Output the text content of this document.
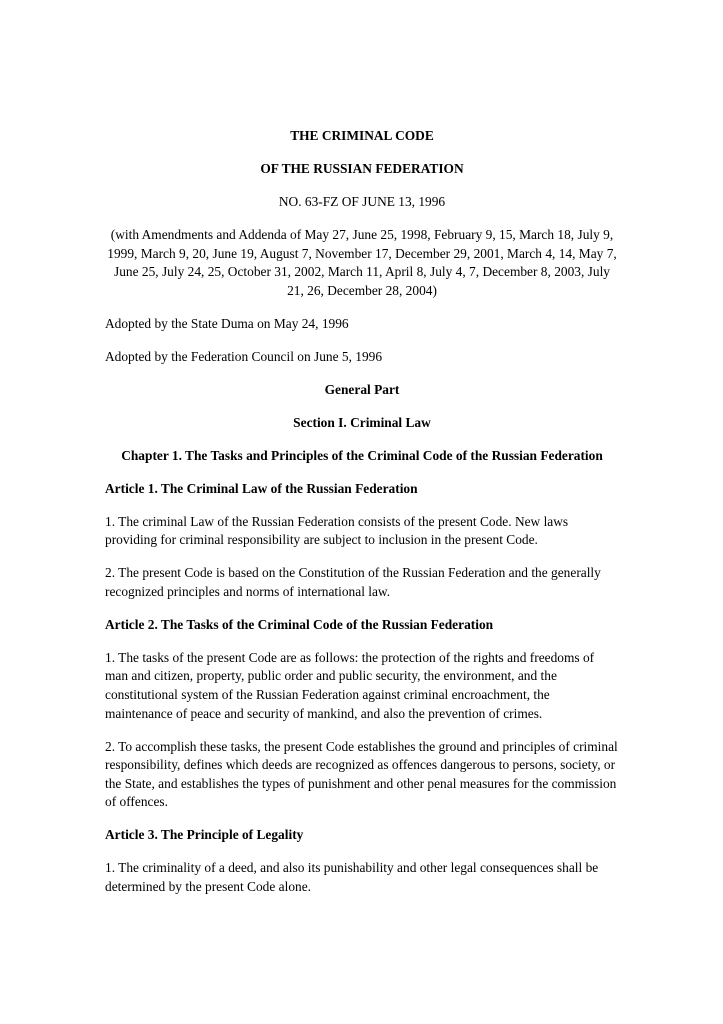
THE CRIMINAL CODE

OF THE RUSSIAN FEDERATION

NO. 63-FZ OF JUNE 13, 1996

(with Amendments and Addenda of May 27, June 25, 1998, February 9, 15, March 18, July 9, 1999, March 9, 20, June 19, August 7, November 17, December 29, 2001, March 4, 14, May 7, June 25, July 24, 25, October 31, 2002, March 11, April 8, July 4, 7, December 8, 2003, July 21, 26, December 28, 2004)

Adopted by the State Duma on May 24, 1996

Adopted by the Federation Council on June 5, 1996

General Part

Section I. Criminal Law

Chapter 1. The Tasks and Principles of the Criminal Code of the Russian Federation

Article 1. The Criminal Law of the Russian Federation

1. The criminal Law of the Russian Federation consists of the present Code. New laws providing for criminal responsibility are subject to inclusion in the present Code.

2. The present Code is based on the Constitution of the Russian Federation and the generally recognized principles and norms of international law.

Article 2. The Tasks of the Criminal Code of the Russian Federation

1. The tasks of the present Code are as follows: the protection of the rights and freedoms of man and citizen, property, public order and public security, the environment, and the constitutional system of the Russian Federation against criminal encroachment, the maintenance of peace and security of mankind, and also the prevention of crimes.

2. To accomplish these tasks, the present Code establishes the ground and principles of criminal responsibility, defines which deeds are recognized as offences dangerous to persons, society, or the State, and establishes the types of punishment and other penal measures for the commission of offences.

Article 3. The Principle of Legality

1. The criminality of a deed, and also its punishability and other legal consequences shall be determined by the present Code alone.
